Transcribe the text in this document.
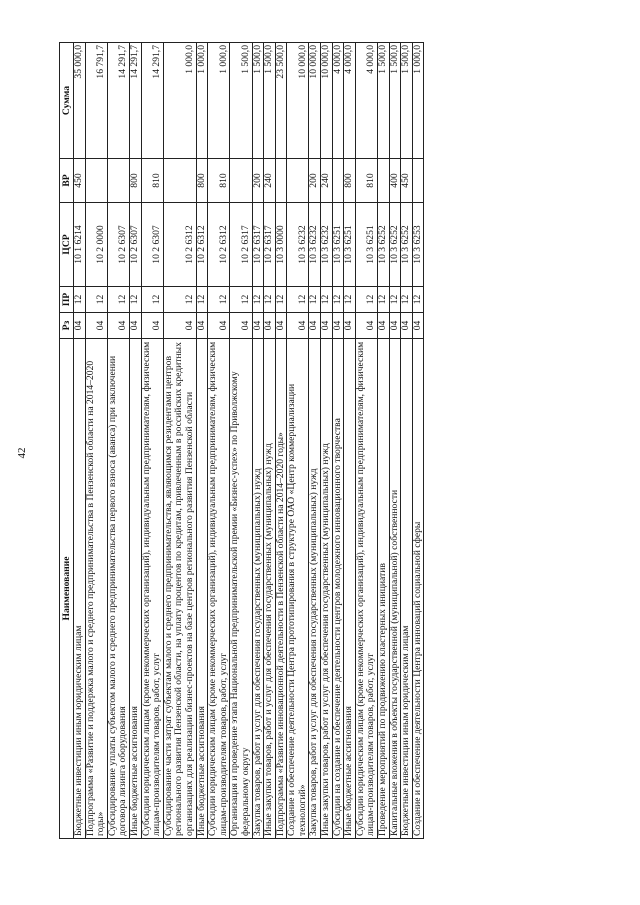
42
Наименование	Рз	ПР	ЦСР	ВР	Сумма
Бюджетные инвестиции иным юридическим лицам	04	12	10 1 6214	450	35 000,0
Подпрограмма «Развитие и поддержка малого и среднего предпринимательства в Пензенской области на 2014–2020 годы»	04	12	10 2 0000		16 791,7
Субсидирование уплаты субъектом малого и среднего предпринимательства первого взноса (аванса) при заключении договора лизинга оборудования	04	12	10 2 6307		14 291,7
Иные бюджетные ассигнования	04	12	10 2 6307	800	14 291,7
Субсидии юридическим лицам (кроме некоммерческих организаций), индивидуальным предпринимателям, физическим лицам-производителям товаров, работ, услуг	04	12	10 2 6307	810	14 291,7
Субсидирование части затрат субъектам малого и среднего предпринимательства, являющимся резидентами центров регионального развития Пензенской области, на уплату процентов по кредитам, привлеченным в российских кредитных организациях для реализации бизнес-проектов на базе центров регионального развития Пензенской области	04	12	10 2 6312		1 000,0
Иные бюджетные ассигнования	04	12	10 2 6312	800	1 000,0
Субсидии юридическим лицам (кроме некоммерческих организаций), индивидуальным предпринимателям, физическим лицам-производителям товаров, работ, услуг	04	12	10 2 6312	810	1 000,0
Организация и проведение этапа Национальной предпринимательской премии «Бизнес-успех» по Приволжскому федеральному округу	04	12	10 2 6317		1 500,0
Закупка товаров, работ и услуг для обеспечения государственных (муниципальных) нужд	04	12	10 2 6317	200	1 500,0
Иные закупки товаров, работ и услуг для обеспечения государственных (муниципальных) нужд	04	12	10 2 6317	240	1 500,0
Подпрограмма «Развитие инновационной деятельности в Пензенской области на 2014–2020 годы»	04	12	10 3 0000		23 500,0
Создание и обеспечение деятельности Центра прототипирования в структуре ОАО «Центр коммерциализации технологий»	04	12	10 3 6232		10 000,0
Закупка товаров, работ и услуг для обеспечения государственных (муниципальных) нужд	04	12	10 3 6232	200	10 000,0
Иные закупки товаров, работ и услуг для обеспечения государственных (муниципальных) нужд	04	12	10 3 6232	240	10 000,0
Субсидии на создание и обеспечение деятельности центров молодежного инновационного творчества	04	12	10 3 6251		4 000,0
Иные бюджетные ассигнования	04	12	10 3 6251	800	4 000,0
Субсидии юридическим лицам (кроме некоммерческих организаций), индивидуальным предпринимателям, физическим лицам-производителям товаров, работ, услуг	04	12	10 3 6251	810	4 000,0
Проведение мероприятий по продвижению кластерных инициатив	04	12	10 3 6252		1 500,0
Капитальные вложения в объекты государственной (муниципальной) собственности	04	12	10 3 6252	400	1 500,0
Бюджетные инвестиции иным юридическим лицам	04	12	10 3 6252	450	1 500,0
Создание и обеспечение деятельности Центра инноваций социальной сферы	04	12	10 3 6253		1 000,0
